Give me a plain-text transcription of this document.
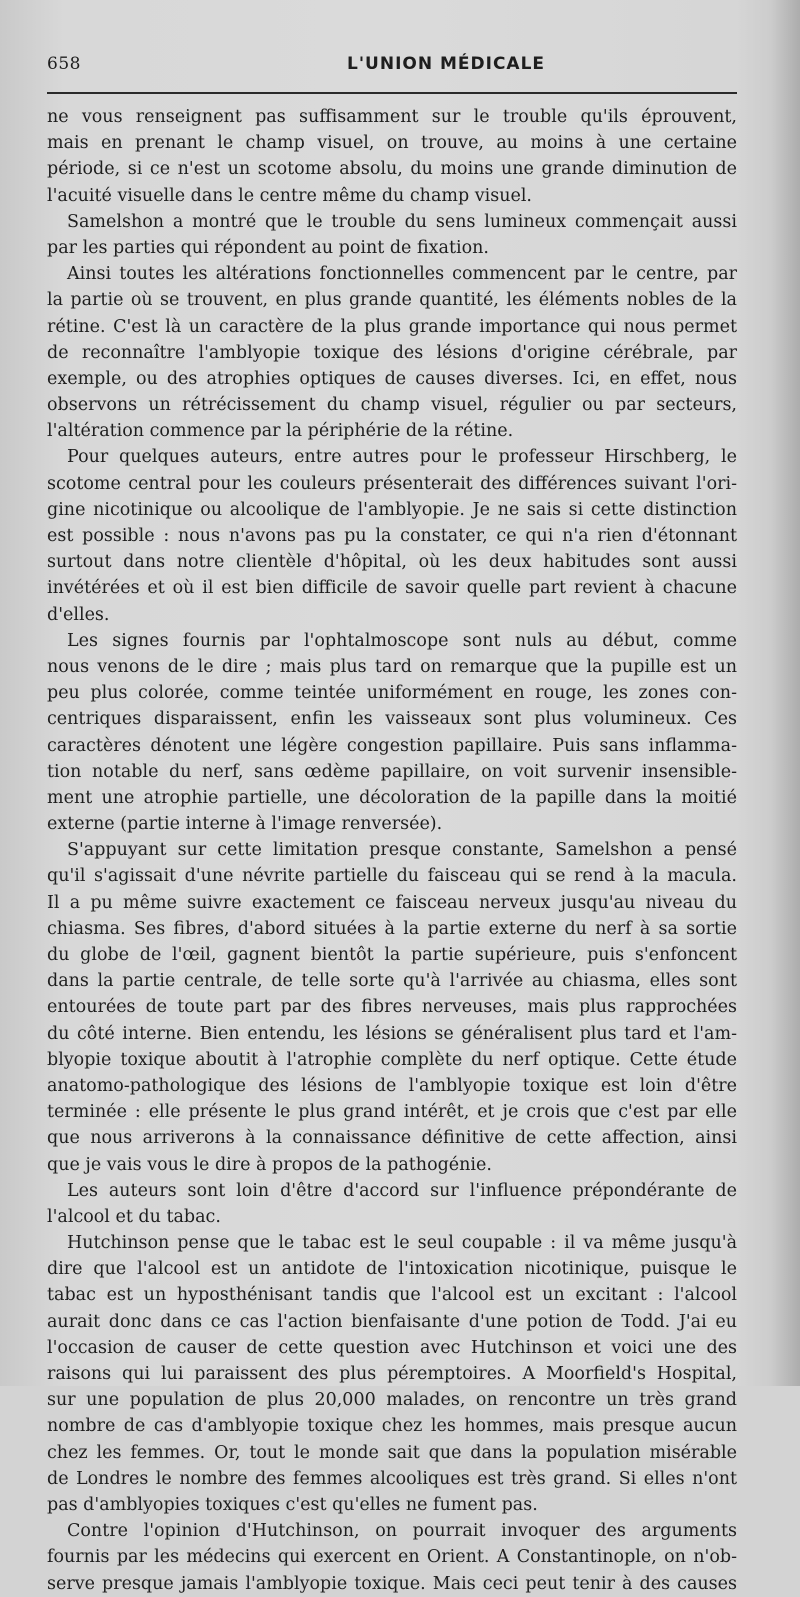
658	L'UNION MÉDICALE
ne vous renseignent pas suffisamment sur le trouble qu'ils éprouvent,
mais en prenant le champ visuel, on trouve, au moins à une certaine
période, si ce n'est un scotome absolu, du moins une grande diminution de
l'acuité visuelle dans le centre même du champ visuel.
Samelshon a montré que le trouble du sens lumineux commençait aussi
par les parties qui répondent au point de fixation.
Ainsi toutes les altérations fonctionnelles commencent par le centre, par
la partie où se trouvent, en plus grande quantité, les éléments nobles de la
rétine. C'est là un caractère de la plus grande importance qui nous permet
de reconnaître l'amblyopie toxique des lésions d'origine cérébrale, par
exemple, ou des atrophies optiques de causes diverses. Ici, en effet, nous
observons un rétrécissement du champ visuel, régulier ou par secteurs,
l'altération commence par la périphérie de la rétine.
Pour quelques auteurs, entre autres pour le professeur Hirschberg, le
scotome central pour les couleurs présenterait des différences suivant l'ori-
gine nicotinique ou alcoolique de l'amblyopie. Je ne sais si cette distinction
est possible : nous n'avons pas pu la constater, ce qui n'a rien d'étonnant
surtout dans notre clientèle d'hôpital, où les deux habitudes sont aussi
invétérées et où il est bien difficile de savoir quelle part revient à chacune
d'elles.
Les signes fournis par l'ophtalmoscope sont nuls au début, comme
nous venons de le dire ; mais plus tard on remarque que la pupille est un
peu plus colorée, comme teintée uniformément en rouge, les zones con-
centriques disparaissent, enfin les vaisseaux sont plus volumineux. Ces
caractères dénotent une légère congestion papillaire. Puis sans inflamma-
tion notable du nerf, sans œdème papillaire, on voit survenir insensible-
ment une atrophie partielle, une décoloration de la papille dans la moitié
externe (partie interne à l'image renversée).
S'appuyant sur cette limitation presque constante, Samelshon a pensé
qu'il s'agissait d'une névrite partielle du faisceau qui se rend à la macula.
Il a pu même suivre exactement ce faisceau nerveux jusqu'au niveau du
chiasma. Ses fibres, d'abord situées à la partie externe du nerf à sa sortie
du globe de l'œil, gagnent bientôt la partie supérieure, puis s'enfoncent
dans la partie centrale, de telle sorte qu'à l'arrivée au chiasma, elles sont
entourées de toute part par des fibres nerveuses, mais plus rapprochées
du côté interne. Bien entendu, les lésions se généralisent plus tard et l'am-
blyopie toxique aboutit à l'atrophie complète du nerf optique. Cette étude
anatomo-pathologique des lésions de l'amblyopie toxique est loin d'être
terminée : elle présente le plus grand intérêt, et je crois que c'est par elle
que nous arriverons à la connaissance définitive de cette affection, ainsi
que je vais vous le dire à propos de la pathogénie.
Les auteurs sont loin d'être d'accord sur l'influence prépondérante de
l'alcool et du tabac.
Hutchinson pense que le tabac est le seul coupable : il va même jusqu'à
dire que l'alcool est un antidote de l'intoxication nicotinique, puisque le
tabac est un hyposthénisant tandis que l'alcool est un excitant : l'alcool
aurait donc dans ce cas l'action bienfaisante d'une potion de Todd. J'ai eu
l'occasion de causer de cette question avec Hutchinson et voici une des
raisons qui lui paraissent des plus péremptoires. A Moorfield's Hospital,
sur une population de plus 20,000 malades, on rencontre un très grand
nombre de cas d'amblyopie toxique chez les hommes, mais presque aucun
chez les femmes. Or, tout le monde sait que dans la population misérable
de Londres le nombre des femmes alcooliques est très grand. Si elles n'ont
pas d'amblyopies toxiques c'est qu'elles ne fument pas.
Contre l'opinion d'Hutchinson, on pourrait invoquer des arguments
fournis par les médecins qui exercent en Orient. A Constantinople, on n'ob-
serve presque jamais l'amblyopie toxique. Mais ceci peut tenir à des causes
